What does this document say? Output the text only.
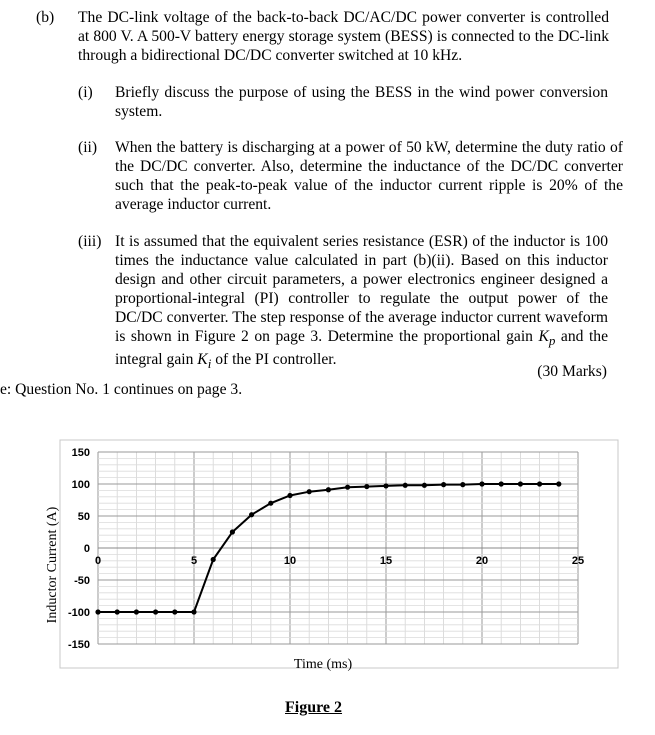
(b) The DC-link voltage of the back-to-back DC/AC/DC power converter is controlled at 800 V. A 500-V battery energy storage system (BESS) is connected to the DC-link through a bidirectional DC/DC converter switched at 10 kHz.
(i) Briefly discuss the purpose of using the BESS in the wind power conversion system.
(ii) When the battery is discharging at a power of 50 kW, determine the duty ratio of the DC/DC converter. Also, determine the inductance of the DC/DC converter such that the peak-to-peak value of the inductor current ripple is 20% of the average inductor current.
(iii) It is assumed that the equivalent series resistance (ESR) of the inductor is 100 times the inductance value calculated in part (b)(ii). Based on this inductor design and other circuit parameters, a power electronics engineer designed a proportional-integral (PI) controller to regulate the output power of the DC/DC converter. The step response of the average inductor current waveform is shown in Figure 2 on page 3. Determine the proportional gain $K_p$ and the integral gain $K_i$ of the PI controller.
(30 Marks)
e: Question No. 1 continues on page 3.
150
100
50
0
-50
-100
-150
0	5	10	15	20	25
Inductor Current (A)
Time (ms)
Figure 2
